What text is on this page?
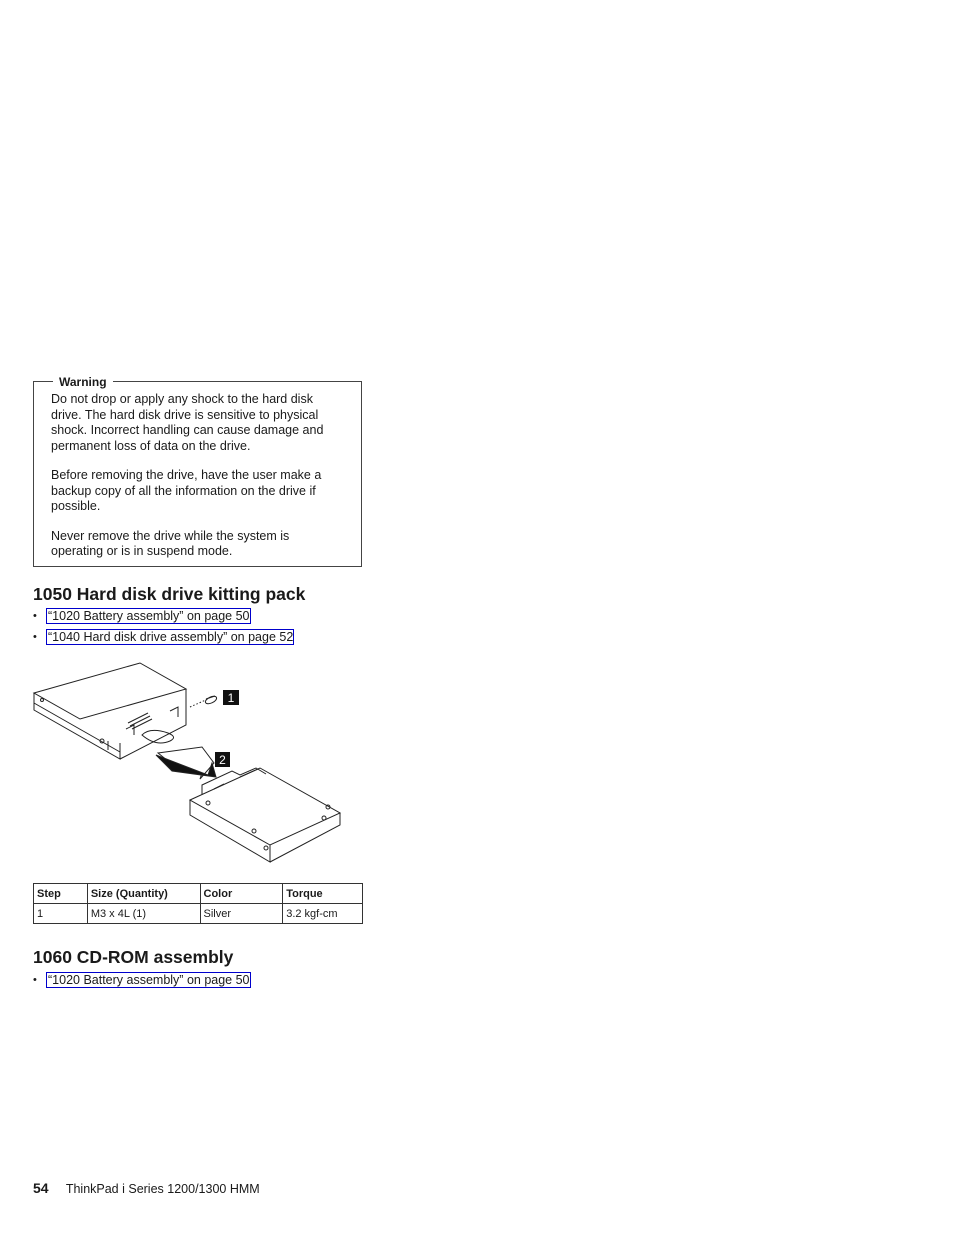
Warning

Do not drop or apply any shock to the hard disk drive. The hard disk drive is sensitive to physical shock. Incorrect handling can cause damage and permanent loss of data on the drive.

Before removing the drive, have the user make a backup copy of all the information on the drive if possible.

Never remove the drive while the system is operating or is in suspend mode.

1050 Hard disk drive kitting pack
• “1020 Battery assembly” on page 50
• “1040 Hard disk drive assembly” on page 52
1
2
Step	Size (Quantity)	Color	Torque
1	M3 x 4L (1)	Silver	3.2 kgf-cm
1060 CD-ROM assembly
• “1020 Battery assembly” on page 50
54 ThinkPad i Series 1200/1300 HMM
